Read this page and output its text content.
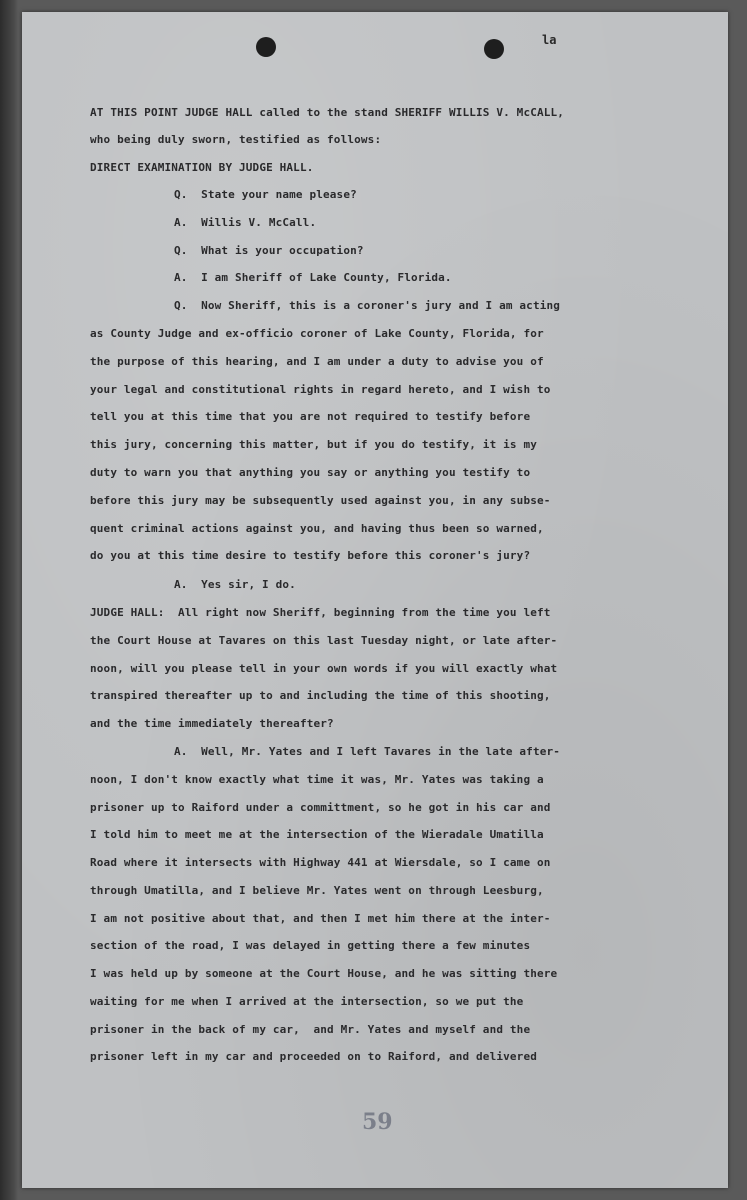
la
AT THIS POINT JUDGE HALL called to the stand SHERIFF WILLIS V. McCALL,
who being duly sworn, testified as follows:
DIRECT EXAMINATION BY JUDGE HALL.
Q.  State your name please?
A.  Willis V. McCall.
Q.  What is your occupation?
A.  I am Sheriff of Lake County, Florida.
Q.  Now Sheriff, this is a coroner's jury and I am acting
as County Judge and ex-officio coroner of Lake County, Florida, for
the purpose of this hearing, and I am under a duty to advise you of
your legal and constitutional rights in regard hereto, and I wish to
tell you at this time that you are not required to testify before
this jury, concerning this matter, but if you do testify, it is my
duty to warn you that anything you say or anything you testify to
before this jury may be subsequently used against you, in any subse-
quent criminal actions against you, and having thus been so warned,
do you at this time desire to testify before this coroner's jury?
A.  Yes sir, I do.
JUDGE HALL:  All right now Sheriff, beginning from the time you left
the Court House at Tavares on this last Tuesday night, or late after-
noon, will you please tell in your own words if you will exactly what
transpired thereafter up to and including the time of this shooting,
and the time immediately thereafter?
A.  Well, Mr. Yates and I left Tavares in the late after-
noon, I don't know exactly what time it was, Mr. Yates was taking a
prisoner up to Raiford under a committment, so he got in his car and
I told him to meet me at the intersection of the Wieradale Umatilla
Road where it intersects with Highway 441 at Wiersdale, so I came on
through Umatilla, and I believe Mr. Yates went on through Leesburg,
I am not positive about that, and then I met him there at the inter-
section of the road, I was delayed in getting there a few minutes
I was held up by someone at the Court House, and he was sitting there
waiting for me when I arrived at the intersection, so we put the
prisoner in the back of my car,  and Mr. Yates and myself and the
prisoner left in my car and proceeded on to Raiford, and delivered
59
